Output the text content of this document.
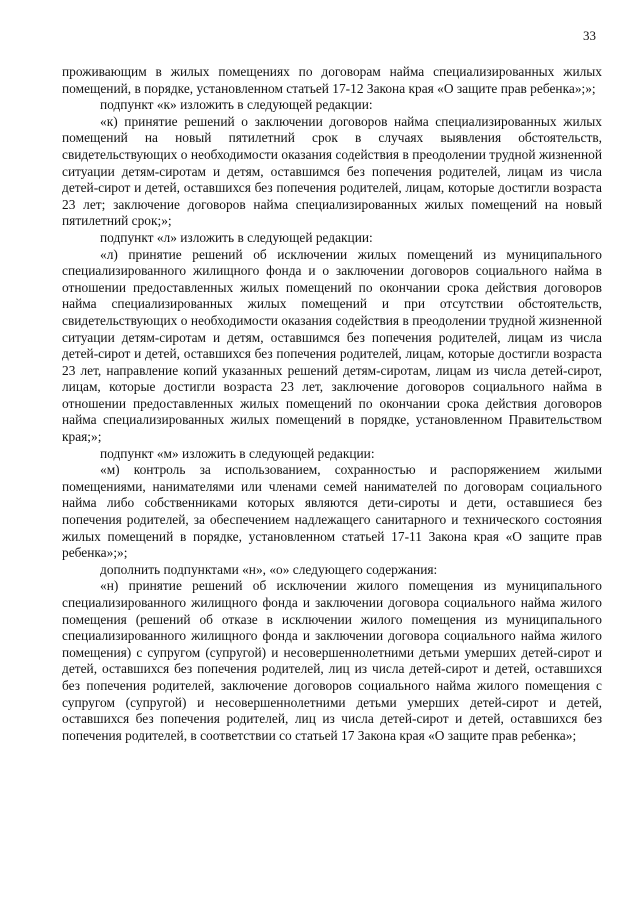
33

проживающим в жилых помещениях по договорам найма специализированных жилых помещений, в порядке, установленном статьей 17-12 Закона края «О защите прав ребенка»;»;

подпункт «к» изложить в следующей редакции:

«к) принятие решений о заключении договоров найма специализированных жилых помещений на новый пятилетний срок в случаях выявления обстоятельств, свидетельствующих о необходимости оказания содействия в преодолении трудной жизненной ситуации детям-сиротам и детям, оставшимся без попечения родителей, лицам из числа детей-сирот и детей, оставшихся без попечения родителей, лицам, которые достигли возраста 23 лет; заключение договоров найма специализированных жилых помещений на новый пятилетний срок;»;

подпункт «л» изложить в следующей редакции:

«л) принятие решений об исключении жилых помещений из муниципального специализированного жилищного фонда и о заключении договоров социального найма в отношении предоставленных жилых помещений по окончании срока действия договоров найма специализированных жилых помещений и при отсутствии обстоятельств, свидетельствующих о необходимости оказания содействия в преодолении трудной жизненной ситуации детям-сиротам и детям, оставшимся без попечения родителей, лицам из числа детей-сирот и детей, оставшихся без попечения родителей, лицам, которые достигли возраста 23 лет, направление копий указанных решений детям-сиротам, лицам из числа детей-сирот, лицам, которые достигли возраста 23 лет, заключение договоров социального найма в отношении предоставленных жилых помещений по окончании срока действия договоров найма специализированных жилых помещений в порядке, установленном Правительством края;»;

подпункт «м» изложить в следующей редакции:

«м) контроль за использованием, сохранностью и распоряжением жилыми помещениями, нанимателями или членами семей нанимателей по договорам социального найма либо собственниками которых являются дети-сироты и дети, оставшиеся без попечения родителей, за обеспечением надлежащего санитарного и технического состояния жилых помещений в порядке, установленном статьей 17-11 Закона края «О защите прав ребенка»;»;

дополнить подпунктами «н», «о» следующего содержания:

«н) принятие решений об исключении жилого помещения из муниципального специализированного жилищного фонда и заключении договора социального найма жилого помещения (решений об отказе в исключении жилого помещения из муниципального специализированного жилищного фонда и заключении договора социального найма жилого помещения) с супругом (супругой) и несовершеннолетними детьми умерших детей-сирот и детей, оставшихся без попечения родителей, лиц из числа детей-сирот и детей, оставшихся без попечения родителей, заключение договоров социального найма жилого помещения с супругом (супругой) и несовершеннолетними детьми умерших детей-сирот и детей, оставшихся без попечения родителей, лиц из числа детей-сирот и детей, оставшихся без попечения родителей, в соответствии со статьей 17 Закона края «О защите прав ребенка»;
